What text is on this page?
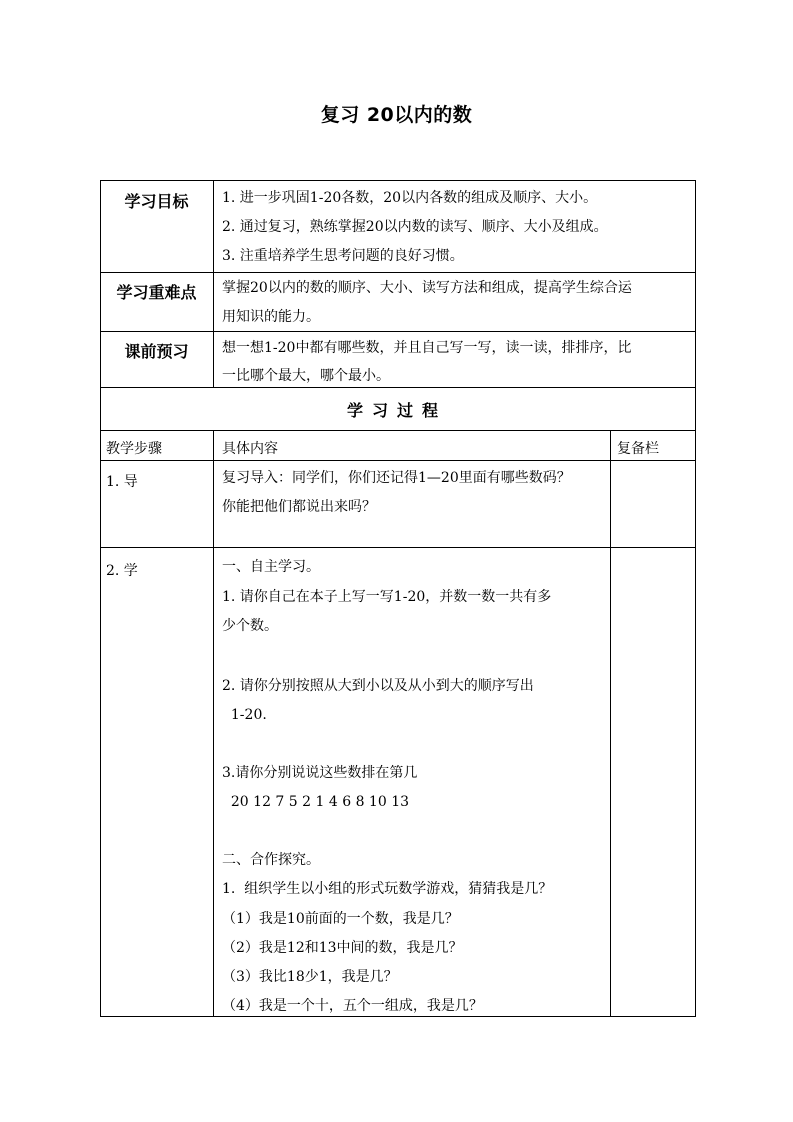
复习 20以内的数
学习目标	1. 进一步巩固1-20各数，20以内各数的组成及顺序、大小。
2. 通过复习，熟练掌握20以内数的读写、顺序、大小及组成。
3. 注重培养学生思考问题的良好习惯。
学习重难点	掌握20以内的数的顺序、大小、读写方法和组成，提高学生综合运
用知识的能力。
课前预习	想一想1-20中都有哪些数，并且自己写一写，读一读，排排序，比
一比哪个最大，哪个最小。
学习过程
教学步骤	具体内容	复备栏
1. 导	复习导入：同学们，你们还记得1—20里面有哪些数码？
你能把他们都说出来吗？
2. 学	一、自主学习。
1. 请你自己在本子上写一写1-20，并数一数一共有多
少个数。
2. 请你分别按照从大到小以及从小到大的顺序写出
1-20.
3.请你分别说说这些数排在第几
20 12 7 5 2 1 4 6 8 10 13
二、合作探究。
1.  组织学生以小组的形式玩数学游戏，猜猜我是几？
（1）我是10前面的一个数，我是几？
（2）我是12和13中间的数，我是几？
（3）我比18少1，我是几？
（4）我是一个十，五个一组成，我是几？
